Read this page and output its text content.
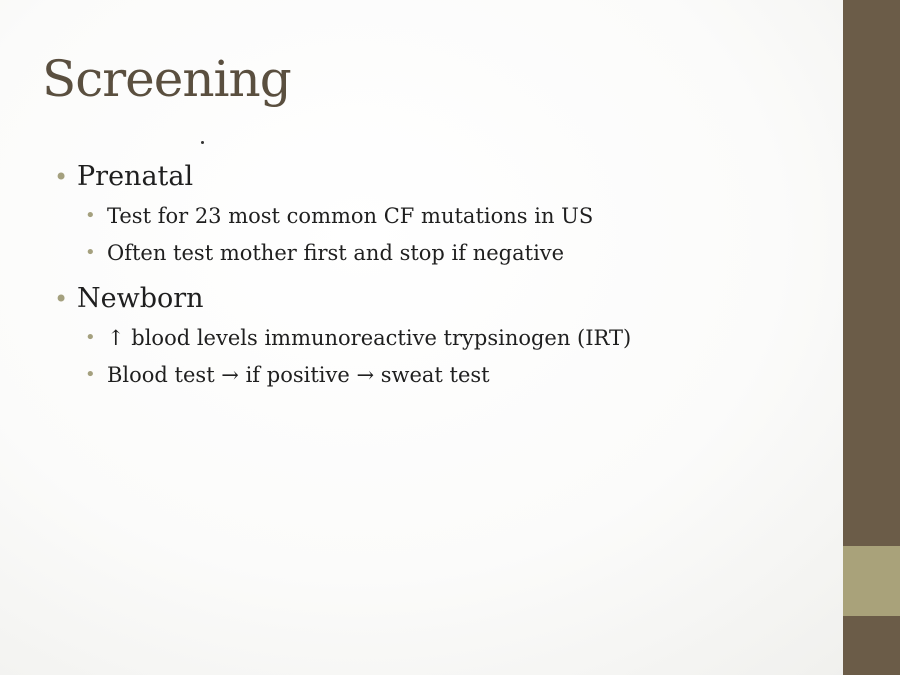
Screening
• Prenatal
• Test for 23 most common CF mutations in US
• Often test mother first and stop if negative
• Newborn
• ↑ blood levels immunoreactive trypsinogen (IRT)
• Blood test → if positive → sweat test
